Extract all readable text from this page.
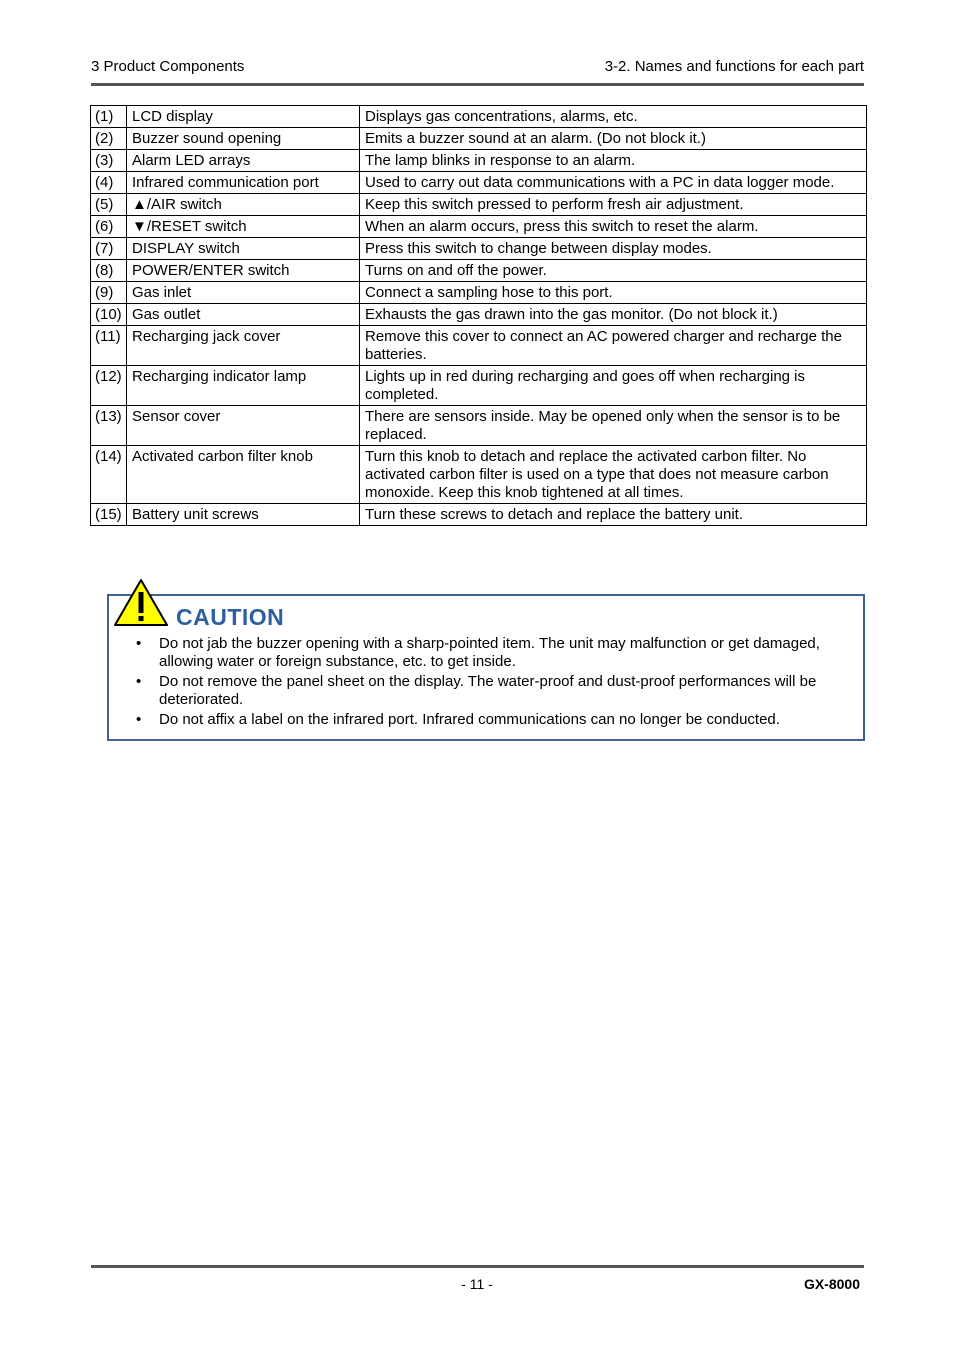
3 Product Components	3-2. Names and functions for each part
(1)	LCD display	Displays gas concentrations, alarms, etc.
(2)	Buzzer sound opening	Emits a buzzer sound at an alarm. (Do not block it.)
(3)	Alarm LED arrays	The lamp blinks in response to an alarm.
(4)	Infrared communication port	Used to carry out data communications with a PC in data logger mode.
(5)	▲/AIR switch	Keep this switch pressed to perform fresh air adjustment.
(6)	▼/RESET switch	When an alarm occurs, press this switch to reset the alarm.
(7)	DISPLAY switch	Press this switch to change between display modes.
(8)	POWER/ENTER switch	Turns on and off the power.
(9)	Gas inlet	Connect a sampling hose to this port.
(10)	Gas outlet	Exhausts the gas drawn into the gas monitor. (Do not block it.)
(11)	Recharging jack cover	Remove this cover to connect an AC powered charger and recharge the batteries.
(12)	Recharging indicator lamp	Lights up in red during recharging and goes off when recharging is completed.
(13)	Sensor cover	There are sensors inside. May be opened only when the sensor is to be replaced.
(14)	Activated carbon filter knob	Turn this knob to detach and replace the activated carbon filter. No activated carbon filter is used on a type that does not measure carbon monoxide. Keep this knob tightened at all times.
(15)	Battery unit screws	Turn these screws to detach and replace the battery unit.
CAUTION
• Do not jab the buzzer opening with a sharp-pointed item. The unit may malfunction or get damaged, allowing water or foreign substance, etc. to get inside.
• Do not remove the panel sheet on the display. The water-proof and dust-proof performances will be deteriorated.
• Do not affix a label on the infrared port. Infrared communications can no longer be conducted.
- 11 -	GX-8000
